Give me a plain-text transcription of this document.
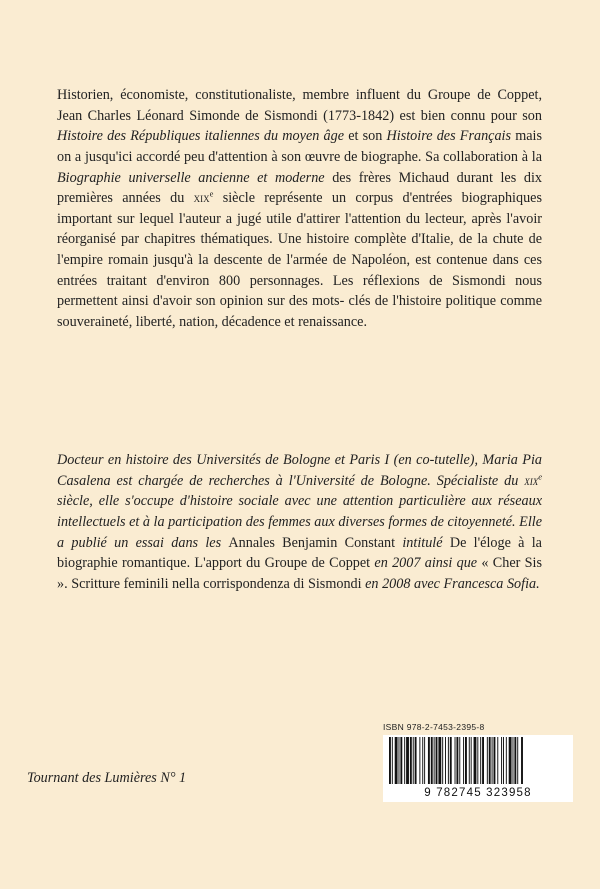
Historien, économiste, constitutionaliste, membre influent du Groupe de Coppet, Jean Charles Léonard Simonde de Sismondi (1773-1842) est bien connu pour son Histoire des Républiques italiennes du moyen âge et son Histoire des Français mais on a jusqu'ici accordé peu d'attention à son œuvre de biographe. Sa collaboration à la Biographie universelle ancienne et moderne des frères Michaud durant les dix premières années du xix$^e$ siècle représente un corpus d'entrées biographiques important sur lequel l'auteur a jugé utile d'attirer l'attention du lecteur, après l'avoir réorganisé par chapitres thématiques. Une histoire complète d'Italie, de la chute de l'empire romain jusqu'à la descente de l'armée de Napoléon, est contenue dans ces entrées traitant d'environ 800 personnages. Les réflexions de Sismondi nous permettent ainsi d'avoir son opinion sur des mots- clés de l'histoire politique comme souveraineté, liberté, nation, décadence et renaissance.

Docteur en histoire des Universités de Bologne et Paris I (en co-tutelle), Maria Pia Casalena est chargée de recherches à l'Université de Bologne. Spécialiste du xix$^e$ siècle, elle s'occupe d'histoire sociale avec une attention particulière aux réseaux intellectuels et à la participation des femmes aux diverses formes de citoyenneté. Elle a publié un essai dans les Annales Benjamin Constant intitulé De l'éloge à la biographie romantique. L'apport du Groupe de Coppet en 2007 ainsi que « Cher Sis ». Scritture feminili nella corrispondenza di Sismondi en 2008 avec Francesca Sofia.

Tournant des Lumières N° 1
ISBN 978-2-7453-2395-8
9 782745 323958
